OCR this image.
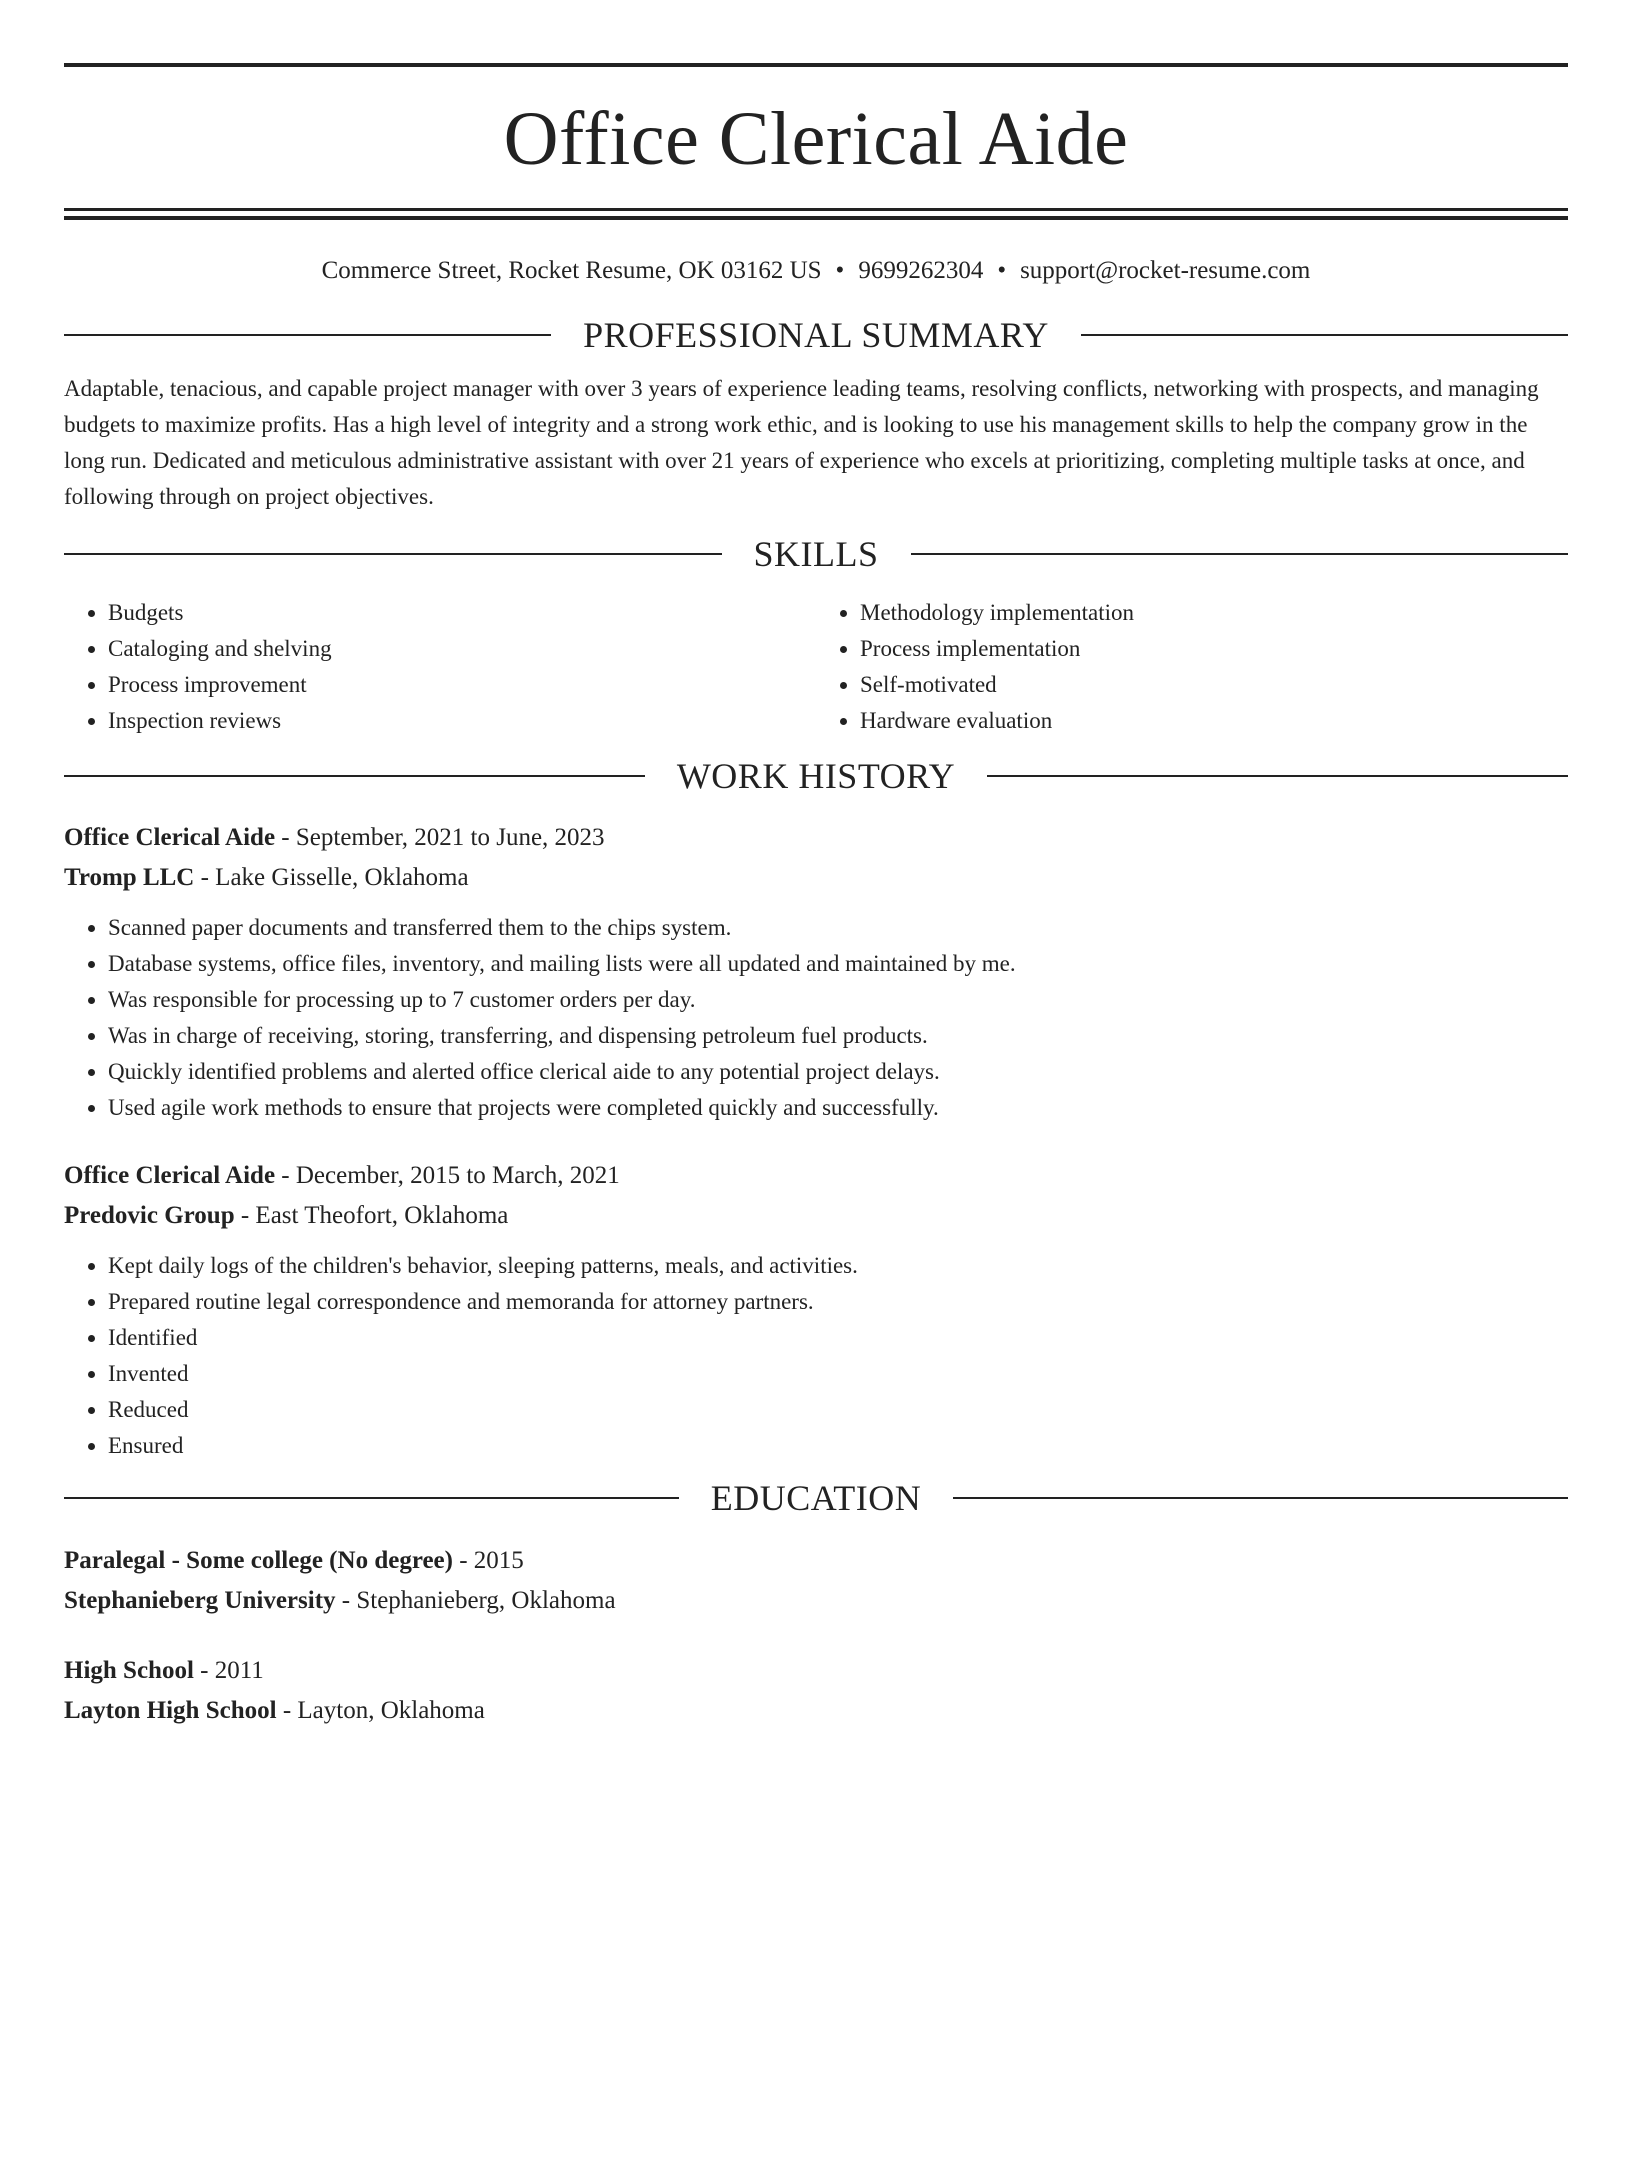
Office Clerical Aide
Commerce Street, Rocket Resume, OK 03162 US • 9699262304 • support@rocket-resume.com
PROFESSIONAL SUMMARY

Adaptable, tenacious, and capable project manager with over 3 years of experience leading teams, resolving conflicts, networking with prospects, and managing budgets to maximize profits. Has a high level of integrity and a strong work ethic, and is looking to use his management skills to help the company grow in the long run. Dedicated and meticulous administrative assistant with over 21 years of experience who excels at prioritizing, completing multiple tasks at once, and following through on project objectives.

SKILLS
• Budgets
• Cataloging and shelving
• Process improvement
• Inspection reviews
• Methodology implementation
• Process implementation
• Self-motivated
• Hardware evaluation
WORK HISTORY
Office Clerical Aide - September, 2021 to June, 2023
Tromp LLC - Lake Gisselle, Oklahoma
• Scanned paper documents and transferred them to the chips system.
• Database systems, office files, inventory, and mailing lists were all updated and maintained by me.
• Was responsible for processing up to 7 customer orders per day.
• Was in charge of receiving, storing, transferring, and dispensing petroleum fuel products.
• Quickly identified problems and alerted office clerical aide to any potential project delays.
• Used agile work methods to ensure that projects were completed quickly and successfully.
Office Clerical Aide - December, 2015 to March, 2021
Predovic Group - East Theofort, Oklahoma
• Kept daily logs of the children's behavior, sleeping patterns, meals, and activities.
• Prepared routine legal correspondence and memoranda for attorney partners.
• Identified
• Invented
• Reduced
• Ensured
EDUCATION
Paralegal - Some college (No degree) - 2015
Stephanieberg University - Stephanieberg, Oklahoma
High School - 2011
Layton High School - Layton, Oklahoma
